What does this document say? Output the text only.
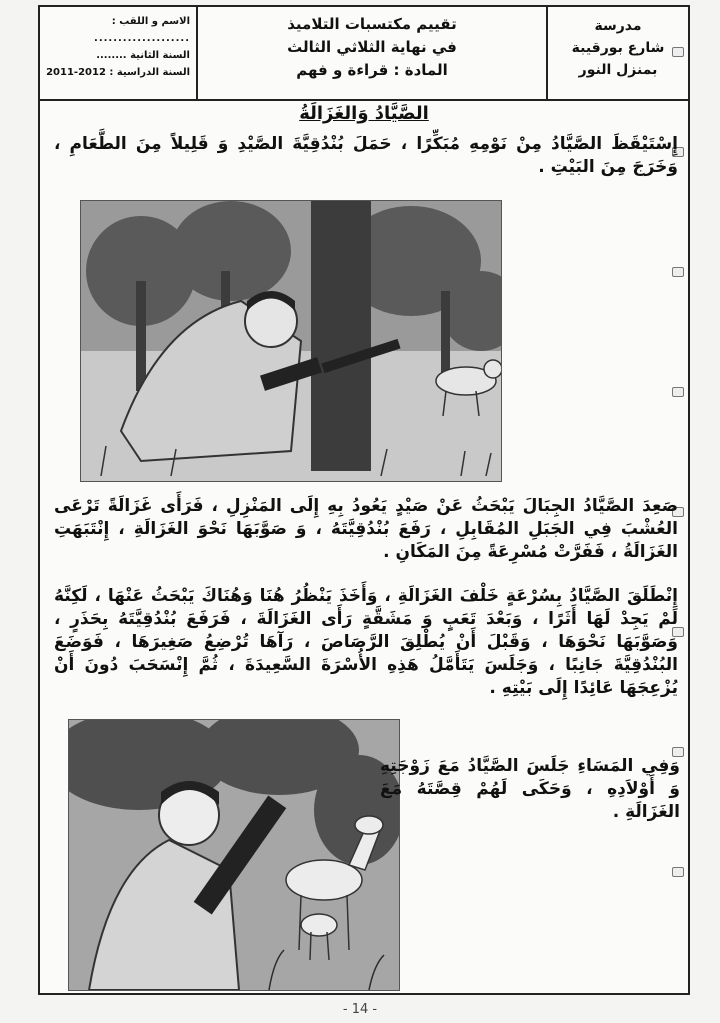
الاسم و اللقب :
....................
السنة الثانية ........
السنة الدراسية : 2012-2011
تقييم مكتسبات التلاميذ
في نهاية الثلاثي الثالث
المادة : قراءة و فهم
مدرسة
شارع بورقيبة
بمنزل النور
الصَّيَّادُ وَالغَزَالَةُ
إِسْتَيْقَظَ الصَّيَّادُ مِنْ نَوْمِهِ مُبَكِّرًا ، حَمَلَ بُنْدُقِيَّةَ الصَّيْدِ وَ قَلِيلاً مِنَ الطَّعَامِ ، وَخَرَجَ مِنَ البَيْتِ .
صَعِدَ الصَّيَّادُ الجِبَالَ يَبْحَثُ عَنْ صَيْدٍ يَعُودُ بِهِ إِلَى المَنْزِلِ ، فَرَأَى غَزَالَةً تَرْعَى العُشْبَ فِي الجَبَلِ المُقَابِلِ ، رَفَعَ بُنْدُقِيَّتَهُ ، وَ صَوَّبَهَا نَحْوَ الغَزَالَةِ ، إِنْتَبَهَتِ الغَزَالَةُ ، فَفَرَّتْ مُسْرِعَةً مِنَ المَكَانِ .
إِنْطَلَقَ الصَّيَّادُ بِسُرْعَةٍ خَلْفَ الغَزَالَةِ ، وَأَخَذَ يَنْظُرُ هُنَا وَهُنَاكَ يَبْحَثُ عَنْهَا ، لَكِنَّهُ لَمْ يَجِدْ لَهَا أَثَرًا ، وَبَعْدَ تَعَبٍ وَ مَشَقَّةٍ رَأَى الغَزَالَةَ ، فَرَفَعَ بُنْدُقِيَّتَهُ بِحَذَرٍ ، وَصَوَّبَهَا نَحْوَهَا ، وَقَبْلَ أَنْ يُطْلِقَ الرَّصَاصَ ، رَآهَا تُرْضِعُ صَغِيرَهَا ، فَوَضَعَ البُنْدُقِيَّةَ جَانِبًا ، وَجَلَسَ يَتَأَمَّلُ هَذِهِ الأُسْرَةَ السَّعِيدَةَ ، ثُمَّ إِنْسَحَبَ دُونَ أَنْ يُزْعِجَهَا عَائِدًا إِلَى بَيْتِهِ .
وَفِي المَسَاءِ جَلَسَ الصَّيَّادُ مَعَ زَوْجَتِهِ وَ أَوْلاَدِهِ ، وَحَكَى لَهُمْ قِصَّتَهُ مَعَ الغَزَالَةِ .
- 14 -
